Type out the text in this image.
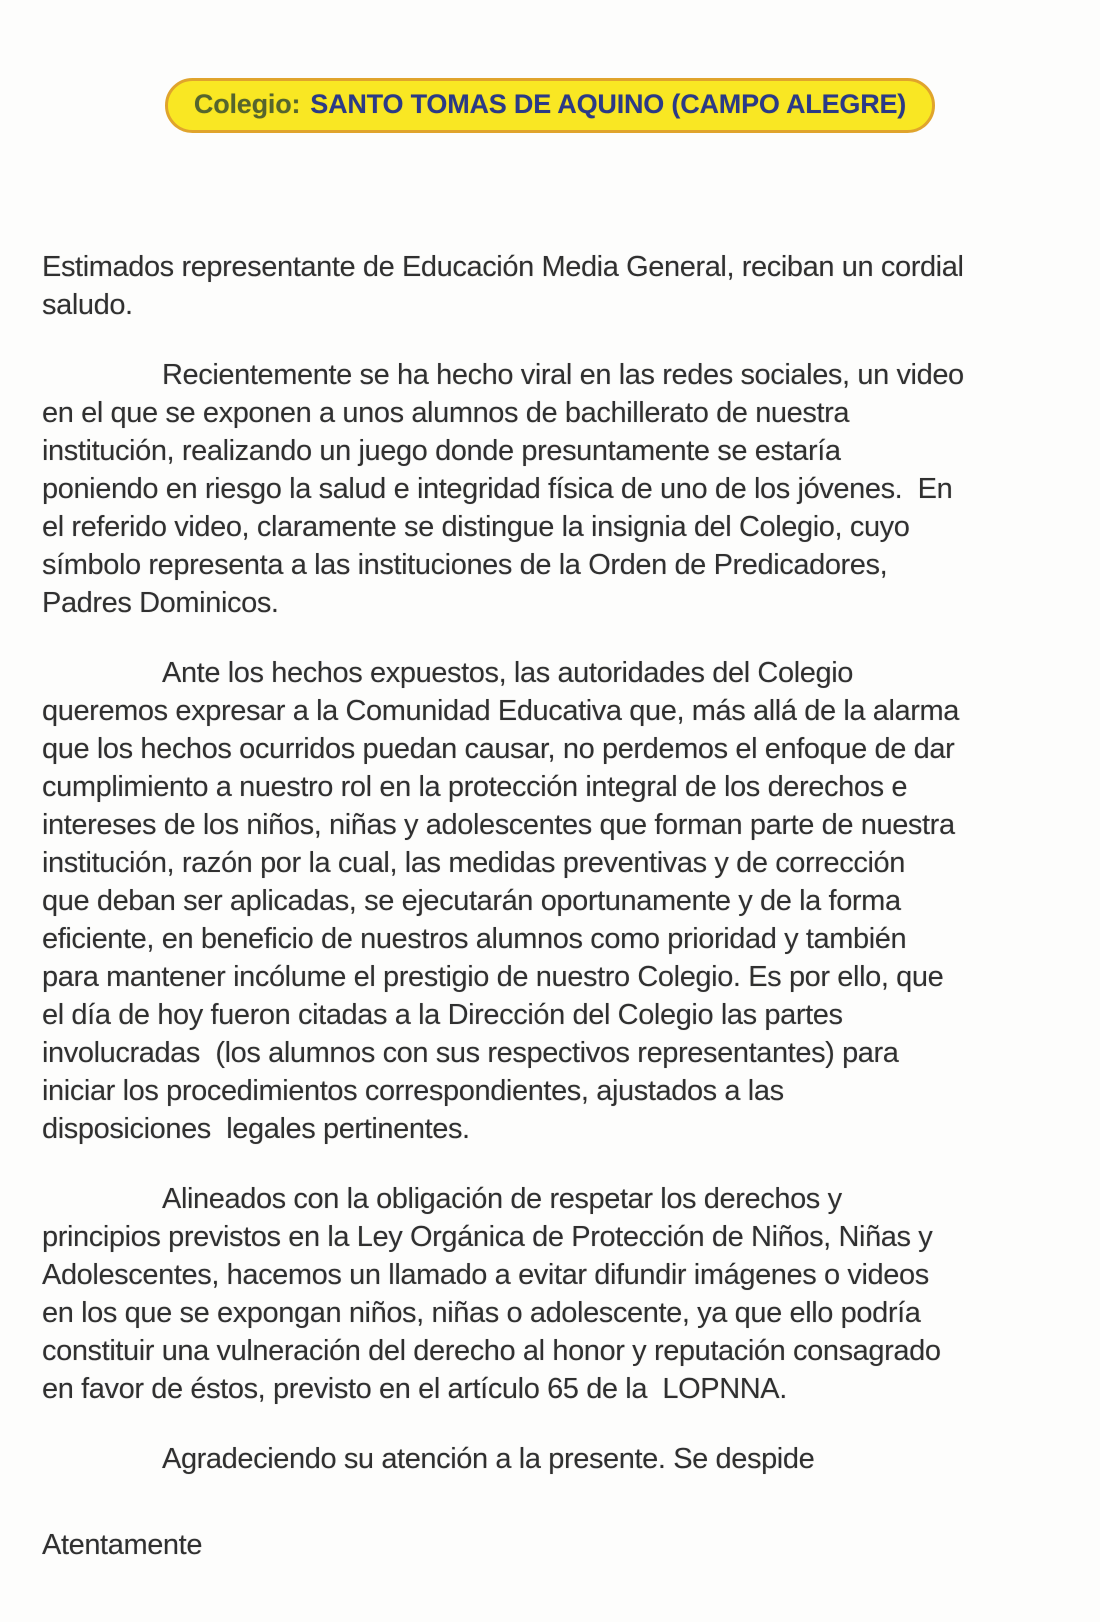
Colegio: SANTO TOMAS DE AQUINO (CAMPO ALEGRE)
Estimados representante de Educación Media General, reciban un cordial
saludo.
Recientemente se ha hecho viral en las redes sociales, un video
en el que se exponen a unos alumnos de bachillerato de nuestra
institución, realizando un juego donde presuntamente se estaría
poniendo en riesgo la salud e integridad física de uno de los jóvenes.  En
el referido video, claramente se distingue la insignia del Colegio, cuyo
símbolo representa a las instituciones de la Orden de Predicadores,
Padres Dominicos.
Ante los hechos expuestos, las autoridades del Colegio
queremos expresar a la Comunidad Educativa que, más allá de la alarma
que los hechos ocurridos puedan causar, no perdemos el enfoque de dar
cumplimiento a nuestro rol en la protección integral de los derechos e
intereses de los niños, niñas y adolescentes que forman parte de nuestra
institución, razón por la cual, las medidas preventivas y de corrección
que deban ser aplicadas, se ejecutarán oportunamente y de la forma
eficiente, en beneficio de nuestros alumnos como prioridad y también
para mantener incólume el prestigio de nuestro Colegio. Es por ello, que
el día de hoy fueron citadas a la Dirección del Colegio las partes
involucradas  (los alumnos con sus respectivos representantes) para
iniciar los procedimientos correspondientes, ajustados a las
disposiciones  legales pertinentes.
Alineados con la obligación de respetar los derechos y
principios previstos en la Ley Orgánica de Protección de Niños, Niñas y
Adolescentes, hacemos un llamado a evitar difundir imágenes o videos
en los que se expongan niños, niñas o adolescente, ya que ello podría
constituir una vulneración del derecho al honor y reputación consagrado
en favor de éstos, previsto en el artículo 65 de la  LOPNNA.
Agradeciendo su atención a la presente. Se despide
Atentamente
